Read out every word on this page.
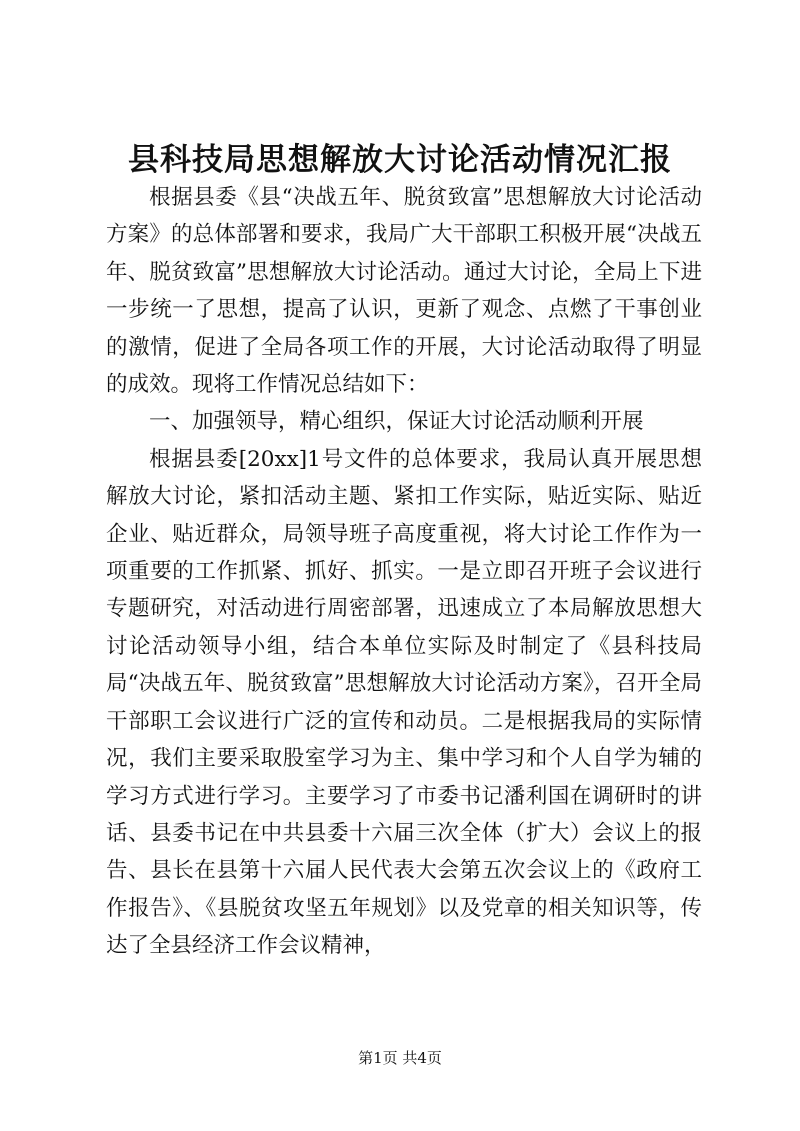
县科技局思想解放大讨论活动情况汇报

根据县委《县“决战五年、脱贫致富”思想解放大讨论活动方案》的总体部署和要求，我局广大干部职工积极开展“决战五年、脱贫致富”思想解放大讨论活动。通过大讨论，全局上下进一步统一了思想，提高了认识，更新了观念、点燃了干事创业的激情，促进了全局各项工作的开展，大讨论活动取得了明显的成效。现将工作情况总结如下：

一、加强领导，精心组织，保证大讨论活动顺利开展

根据县委[20xx]1号文件的总体要求，我局认真开展思想解放大讨论，紧扣活动主题、紧扣工作实际，贴近实际、贴近企业、贴近群众，局领导班子高度重视，将大讨论工作作为一项重要的工作抓紧、抓好、抓实。一是立即召开班子会议进行专题研究，对活动进行周密部署，迅速成立了本局解放思想大讨论活动领导小组，结合本单位实际及时制定了《县科技局局“决战五年、脱贫致富”思想解放大讨论活动方案》，召开全局干部职工会议进行广泛的宣传和动员。二是根据我局的实际情况，我们主要采取股室学习为主、集中学习和个人自学为辅的学习方式进行学习。主要学习了市委书记潘利国在调研时的讲话、县委书记在中共县委十六届三次全体（扩大）会议上的报告、县长在县第十六届人民代表大会第五次会议上的《政府工作报告》、《县脱贫攻坚五年规划》以及党章的相关知识等，传达了全县经济工作会议精神，

第1页 共4页
